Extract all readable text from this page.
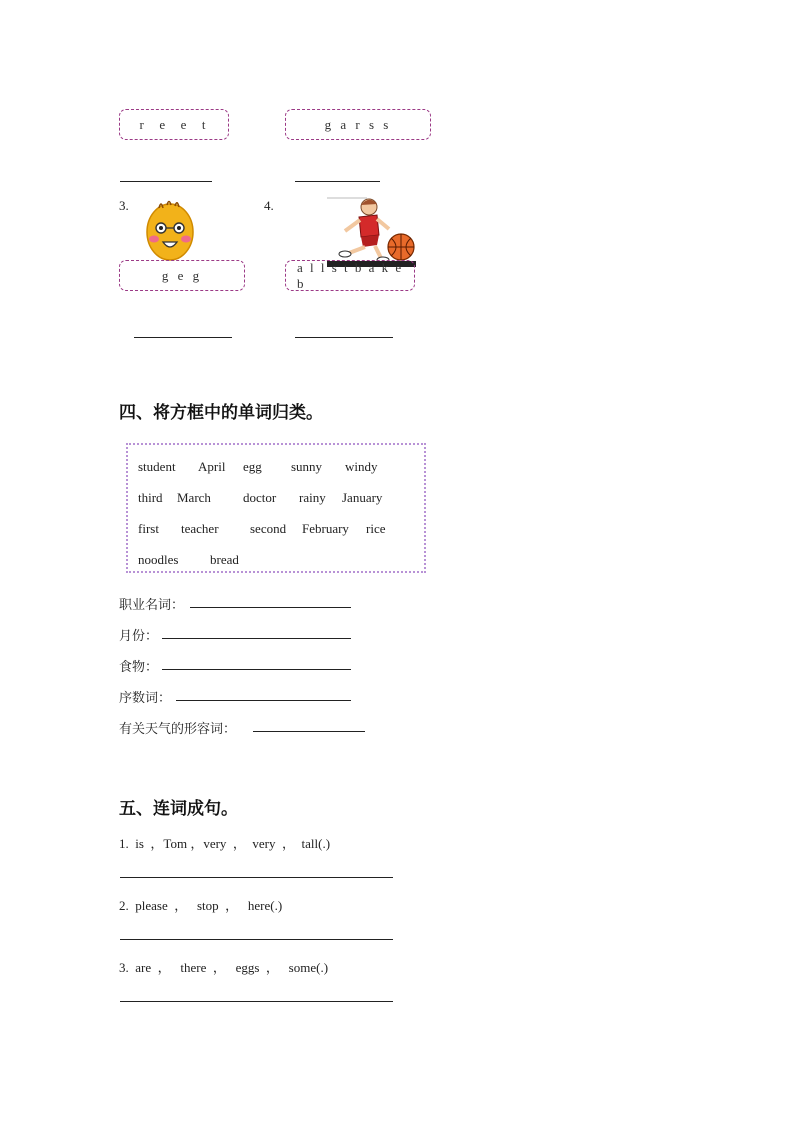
r  e  e  t	g a r s s
3.
g e g
4.
a l l s t b a k e b
四、将方框中的单词归类。
student April egg sunny windy
third March doctor rainy January
first teacher second February rice
noodles bread
职业名词：
月份：
食物：
序数词：
有关天气的形容词：
五、连词成句。
1.  is  ，Tom ，very  ，  very  ，  tall(.)
2.  please  ，   stop  ，   here(.)
3.  are  ，   there  ，   eggs  ，   some(.)
